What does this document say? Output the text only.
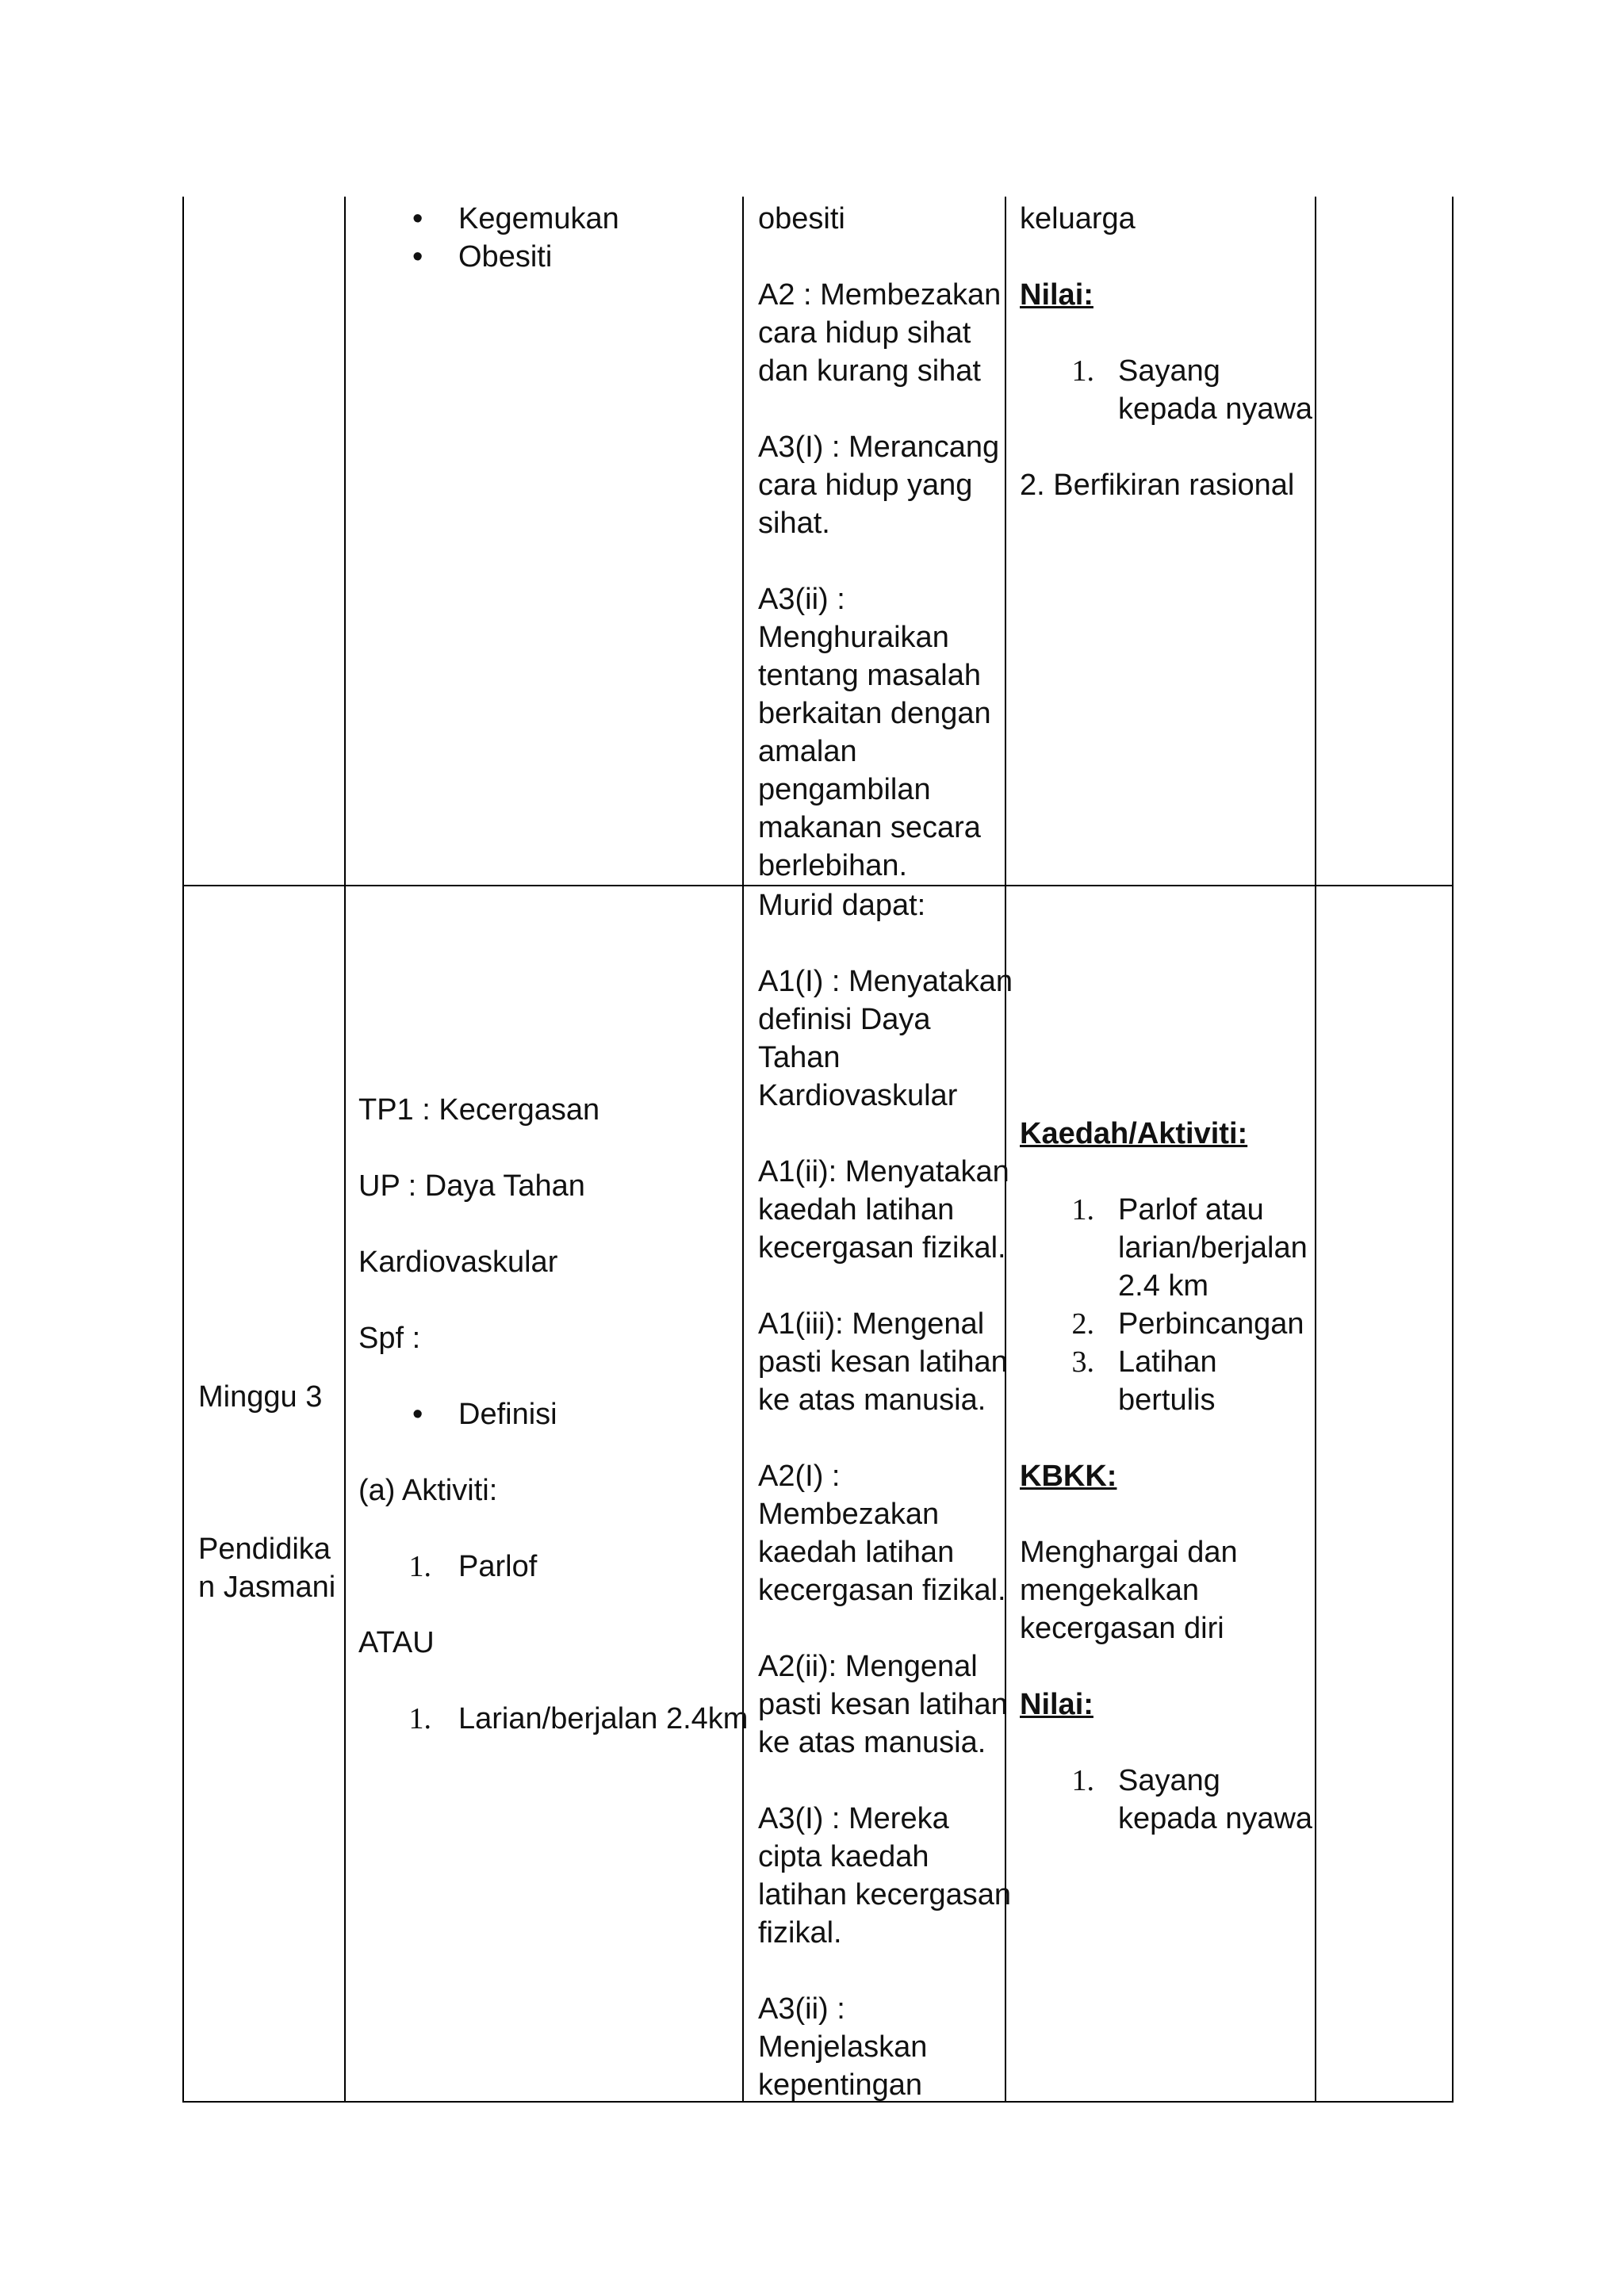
• Kegemukan
• Obesiti
obesiti
A2 : Membezakan
cara hidup sihat
dan kurang sihat
A3(I) : Merancang
cara hidup yang
sihat.
A3(ii) :
Menghuraikan
tentang masalah
berkaitan dengan
amalan
pengambilan
makanan secara
berlebihan.
keluarga
Nilai:
1. Sayang
kepada nyawa
2. Berfikiran rasional
Minggu 3
Pendidika
n Jasmani
TP1 : Kecergasan
UP : Daya Tahan
Kardiovaskular
Spf :
• Definisi
(a) Aktiviti:
1. Parlof
ATAU
1. Larian/berjalan 2.4km
Murid dapat:
A1(I) : Menyatakan
definisi Daya
Tahan
Kardiovaskular
A1(ii): Menyatakan
kaedah latihan
kecergasan fizikal.
A1(iii): Mengenal
pasti kesan latihan
ke atas manusia.
A2(I) :
Membezakan
kaedah latihan
kecergasan fizikal.
A2(ii): Mengenal
pasti kesan latihan
ke atas manusia.
A3(I) : Mereka
cipta kaedah
latihan kecergasan
fizikal.
A3(ii) :
Menjelaskan
kepentingan
Kaedah/Aktiviti:
1. Parlof atau
larian/berjalan
2.4 km
2. Perbincangan
3. Latihan
bertulis
KBKK:
Menghargai dan
mengekalkan
kecergasan diri
Nilai:
1. Sayang
kepada nyawa
